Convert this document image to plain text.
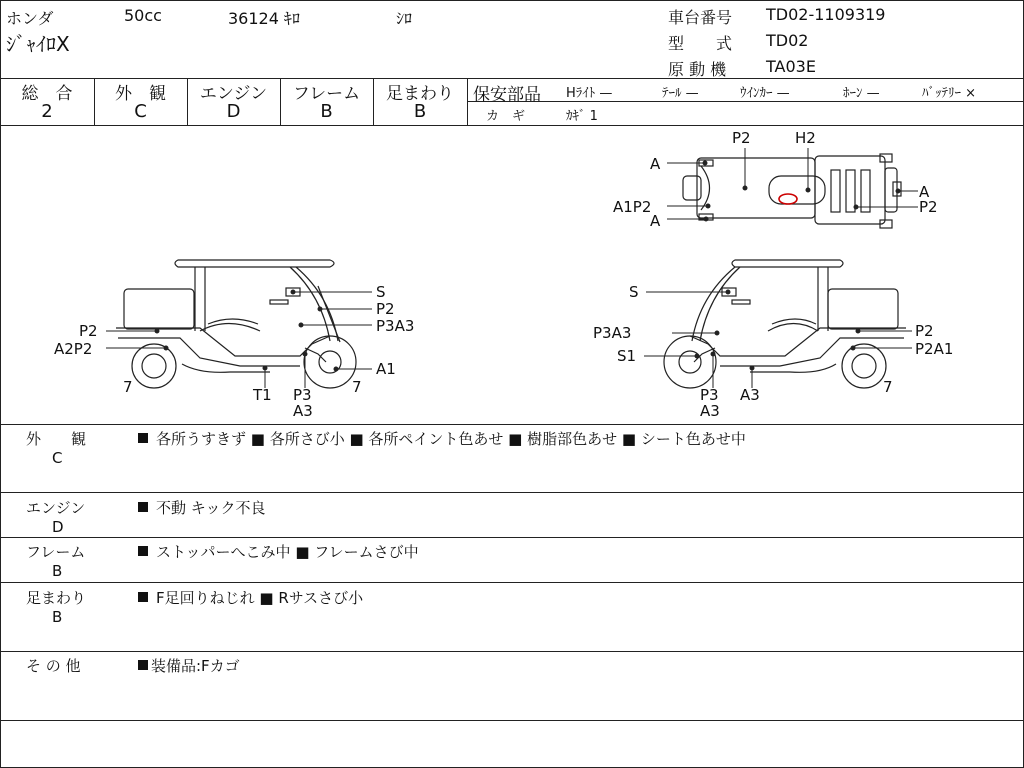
ホンダ	50cc	36124 ｷﾛ	ｼﾛ
ｼﾞｬｲﾛX
車台番号 TD02-1109319
型　　式 TD02
原 動 機 TA03E
総　合
2
外　観
C
エンジン
D
フレーム
B
足まわり
B
保安部品 Hﾗｲﾄ —	ﾃｰﾙ —	ｳｲﾝｶｰ —	ﾎｰﾝ —	ﾊﾞｯﾃﾘｰ ×
カ　ギ	ｶｷﾞ 1
A
P2	H2
A
A1P2	P2
A
S
P2
P3A3
P2
A2P2
A1
7	T1 P3
A3
7
S
P3A3
S1
P2
P2A1
7
P3
A3
A3
外　　観
C
各所うすきず ■ 各所さび小 ■ 各所ペイント色あせ ■ 樹脂部色あせ ■ シート色あせ中
エンジン
D
不動 キック不良
フレーム
B
ストッパーへこみ中 ■ フレームさび中
足まわり
B
F足回りねじれ ■ Rサスさび小
そ の 他	装備品:Fカゴ
